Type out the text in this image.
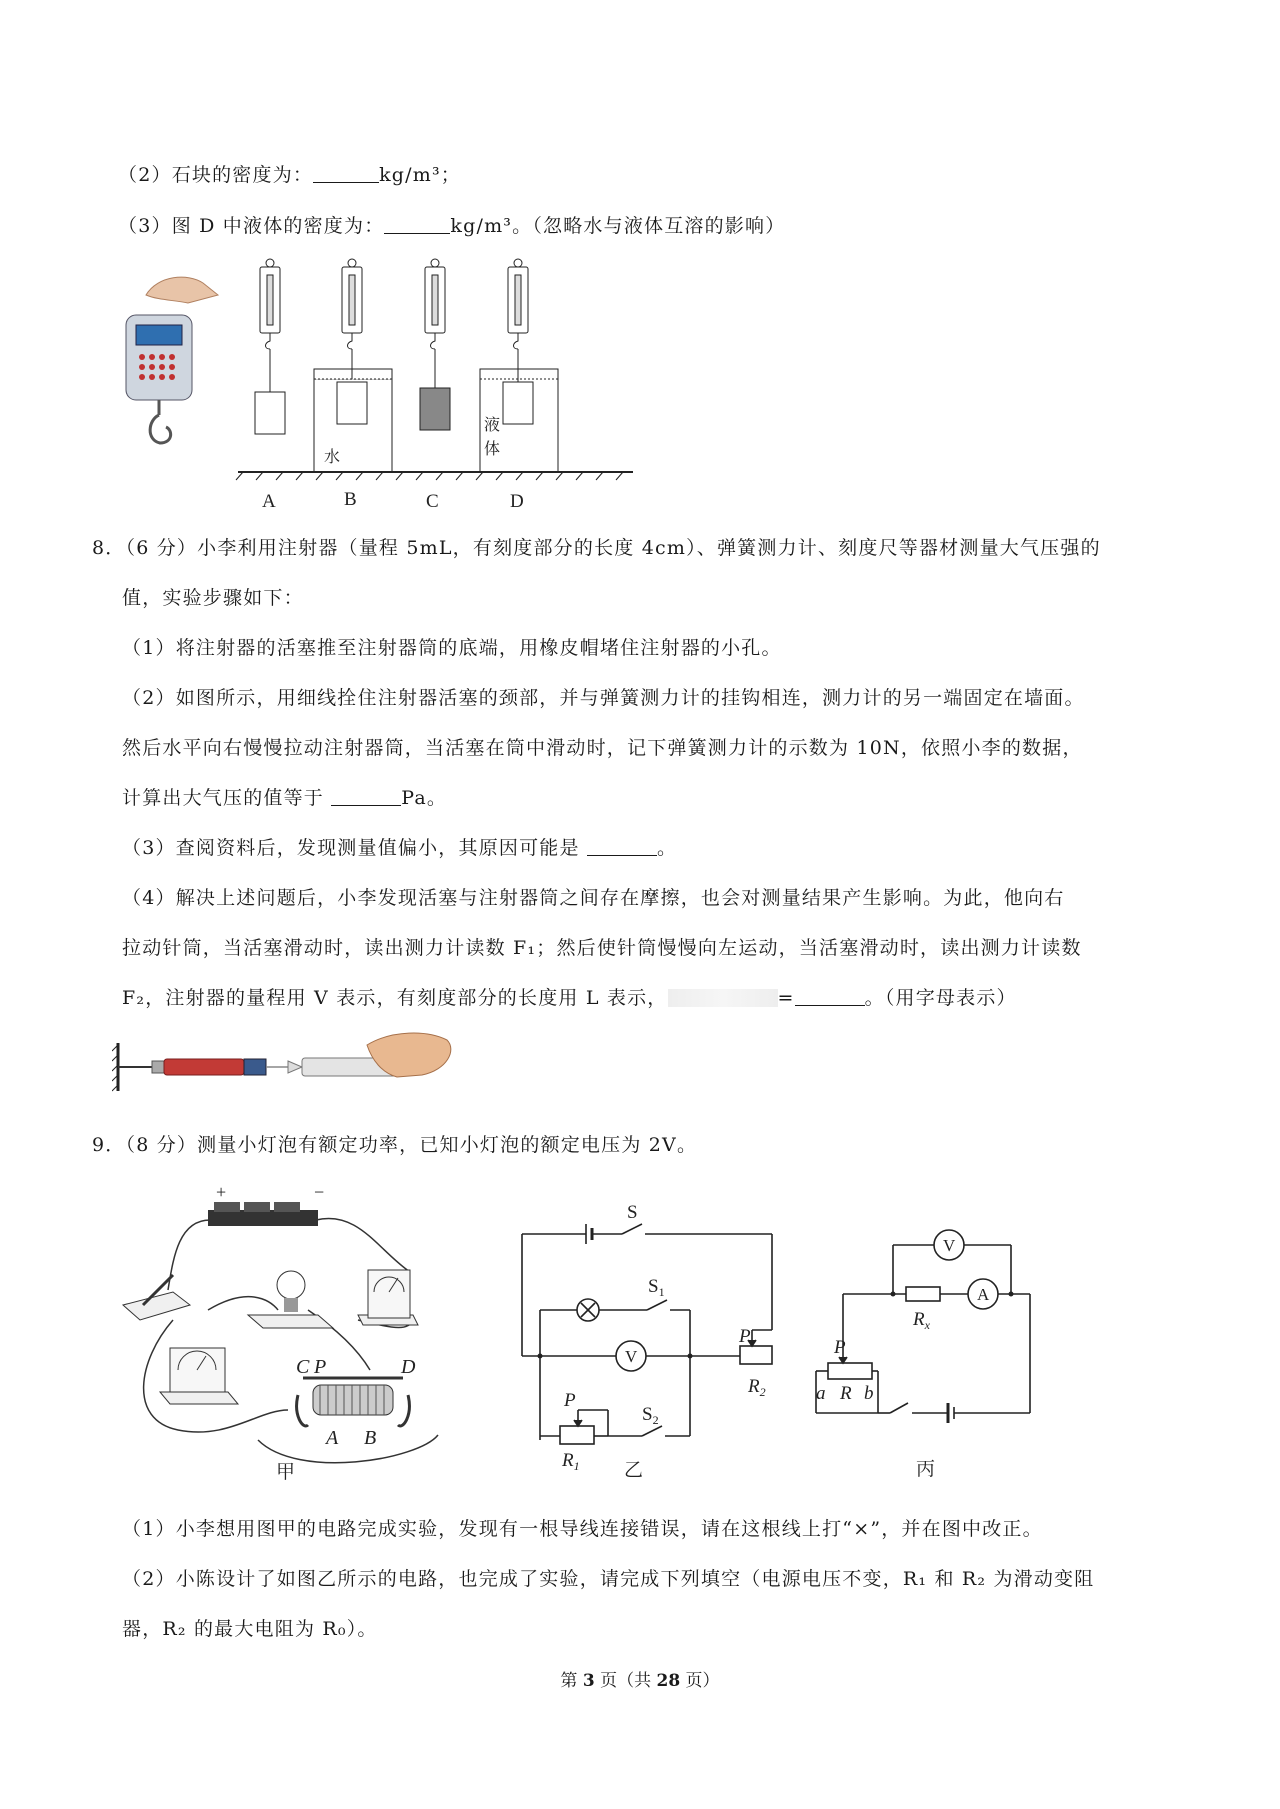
（2）石块的密度为：	kg/m³；
（3）图 D 中液体的密度为：	kg/m³。（忽略水与液体互溶的影响）
水
液
体
A	B	C	D
8．（6 分）小李利用注射器（量程 5mL，有刻度部分的长度 4cm）、弹簧测力计、刻度尺等器材测量大气压强的
值，实验步骤如下：
（1）将注射器的活塞推至注射器筒的底端，用橡皮帽堵住注射器的小孔。
（2）如图所示，用细线拴住注射器活塞的颈部，并与弹簧测力计的挂钩相连，测力计的另一端固定在墙面。
然后水平向右慢慢拉动注射器筒，当活塞在筒中滑动时，记下弹簧测力计的示数为 10N，依照小李的数据，
计算出大气压的值等于	Pa。
（3）查阅资料后，发现测量值偏小，其原因可能是	。
（4）解决上述问题后，小李发现活塞与注射器筒之间存在摩擦，也会对测量结果产生影响。为此，他向右
拉动针筒，当活塞滑动时，读出测力计读数 F₁；然后使针筒慢慢向左运动，当活塞滑动时，读出测力计读数
F₂，注射器的量程用 V 表示，有刻度部分的长度用 L 表示，	=	。（用字母表示）
9．（8 分）测量小灯泡有额定功率，已知小灯泡的额定电压为 2V。
+	−
C P	D
A B
甲
V
S
$S_1$
$S_2$
P
$R_2$
P
$R_1$ 乙
V
A
$R_x$
P
a R b
丙
（1）小李想用图甲的电路完成实验，发现有一根导线连接错误，请在这根线上打“×”，并在图中改正。
（2）小陈设计了如图乙所示的电路，也完成了实验，请完成下列填空（电源电压不变，R₁ 和 R₂ 为滑动变阻
器，R₂ 的最大电阻为 R₀）。
第 3 页（共 28 页）
